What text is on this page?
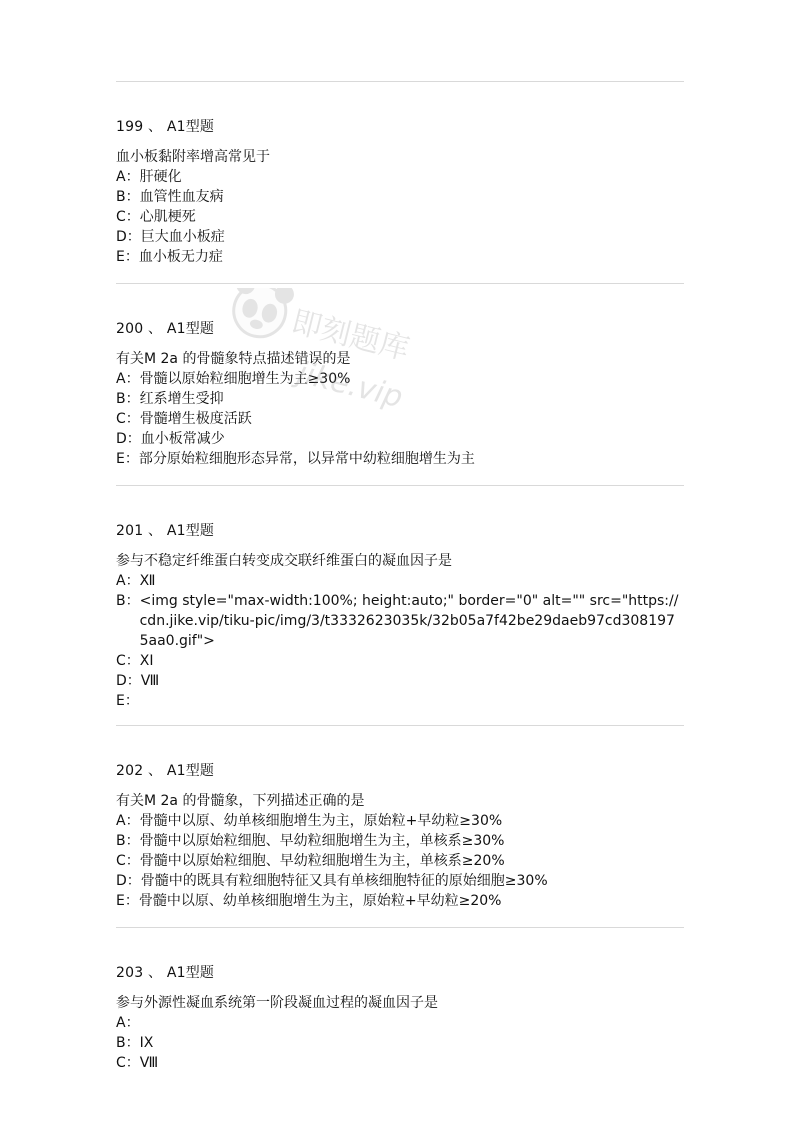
199 、 A1型题

血小板黏附率增高常见于

A： 肝硬化
B： 血管性血友病
C： 心肌梗死
D： 巨大血小板症
E： 血小板无力症

200 、 A1型题

有关M 2a 的骨髓象特点描述错误的是

A： 骨髓以原始粒细胞增生为主≥30%
B： 红系增生受抑
C： 骨髓增生极度活跃
D： 血小板常减少
E： 部分原始粒细胞形态异常，以异常中幼粒细胞增生为主

201 、 A1型题

参与不稳定纤维蛋白转变成交联纤维蛋白的凝血因子是

A： Ⅻ
B： <img style="max-width:100%; height:auto;" border="0" alt="" src="https://cdn.jike.vip/tiku-pic/img/3/t3332623035k/32b05a7f42be29daeb97cd3081975aa0.gif">
C： XI
D： Ⅷ
E：

202 、 A1型题

有关M 2a 的骨髓象，下列描述正确的是

A： 骨髓中以原、幼单核细胞增生为主，原始粒+早幼粒≥30%
B： 骨髓中以原始粒细胞、早幼粒细胞增生为主，单核系≥30%
C： 骨髓中以原始粒细胞、早幼粒细胞增生为主，单核系≥20%
D： 骨髓中的既具有粒细胞特征又具有单核细胞特征的原始细胞≥30%
E： 骨髓中以原、幼单核细胞增生为主，原始粒+早幼粒≥20%

203 、 A1型题

参与外源性凝血系统第一阶段凝血过程的凝血因子是

A：
B： IX
C： Ⅷ
即刻题库
jike.vip
